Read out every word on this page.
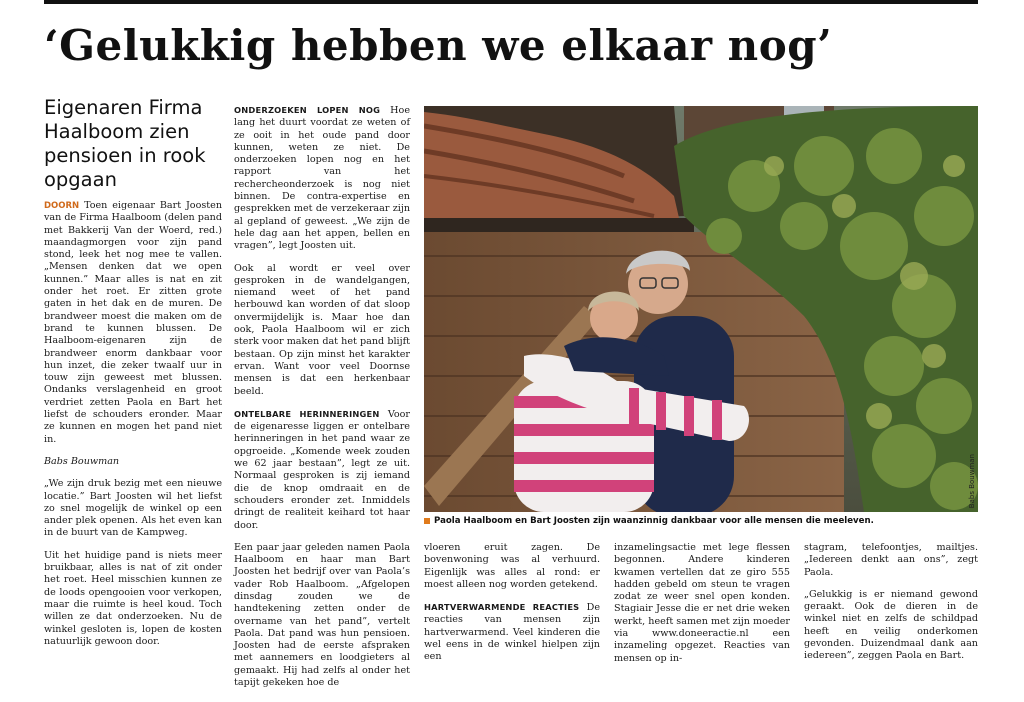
‘Gelukkig hebben we elkaar nog’
Eigenaren Firma Haalboom zien pensioen in rook opgaan

DOORN Toen eigenaar Bart Joosten van de Firma Haalboom (delen pand met Bakkerij Van der Woerd, red.) maandagmorgen voor zijn pand stond, leek het nog mee te vallen. „Mensen denken dat we open kunnen.” Maar alles is nat en zit onder het roet. Er zitten grote gaten in het dak en de muren. De brandweer moest die maken om de brand te kunnen blussen. De Haalboom-eigenaren zijn de brandweer enorm dankbaar voor hun inzet, die zeker twaalf uur in touw zijn geweest met blussen. Ondanks verslagenheid en groot verdriet zetten Paola en Bart het liefst de schouders eronder. Maar ze kunnen en mogen het pand niet in.

Babs Bouwman

„We zijn druk bezig met een nieuwe locatie.” Bart Joosten wil het liefst zo snel mogelijk de winkel op een ander plek openen. Als het even kan in de buurt van de Kampweg.

Uit het huidige pand is niets meer bruikbaar, alles is nat of zit onder het roet. Heel misschien kunnen ze de loods opengooien voor verkopen, maar die ruimte is heel koud. Toch willen ze dat onderzoeken. Nu de winkel gesloten is, lopen de kosten natuurlijk gewoon door.

ONDERZOEKEN LOPEN NOG Hoe lang het duurt voordat ze weten of ze ooit in het oude pand door kunnen, weten ze niet. De onderzoeken lopen nog en het rapport van het rechercheonderzoek is nog niet binnen. De contra-expertise en gesprekken met de verzekeraar zijn al gepland of geweest. „We zijn de hele dag aan het appen, bellen en vragen”, legt Joosten uit.

Ook al wordt er veel over gesproken in de wandelgangen, niemand weet of het pand herbouwd kan worden of dat sloop onvermijdelijk is. Maar hoe dan ook, Paola Haalboom wil er zich sterk voor maken dat het pand blijft bestaan. Op zijn minst het karakter ervan. Want voor veel Doornse mensen is dat een herkenbaar beeld.

ONTELBARE HERINNERINGEN Voor de eigenaresse liggen er ontelbare herinneringen in het pand waar ze opgroeide. „Komende week zouden we 62 jaar bestaan”, legt ze uit. Normaal gesproken is zij iemand die de knop omdraait en de schouders eronder zet. Inmiddels dringt de realiteit keihard tot haar door.

Een paar jaar geleden namen Paola Haalboom en haar man Bart Joosten het bedrijf over van Paola’s vader Rob Haalboom. „Afgelopen dinsdag zouden we de handtekening zetten onder de overname van het pand”, vertelt Paola. Dat pand was hun pensioen. Joosten had de eerste afspraken met aannemers en loodgieters al gemaakt. Hij had zelfs al onder het tapijt gekeken hoe de

Babs Bouwman
Paola Haalboom en Bart Joosten zijn waanzinnig dankbaar voor alle mensen die meeleven.

vloeren eruit zagen. De bovenwoning was al verhuurd. Eigenlijk was alles al rond: er moest alleen nog worden getekend.

HARTVERWARMENDE REACTIES De reacties van mensen zijn hartverwarmend. Veel kinderen die wel eens in de winkel hielpen zijn een

inzamelingsactie met lege flessen begonnen. Andere kinderen kwamen vertellen dat ze giro 555 hadden gebeld om steun te vragen zodat ze weer snel open konden. Stagiair Jesse die er net drie weken werkt, heeft samen met zijn moeder via www.doneeractie.nl een inzameling opgezet. Reacties van mensen op in-

stagram, telefoontjes, mailtjes. „Iedereen denkt aan ons”, zegt Paola.

„Gelukkig is er niemand gewond geraakt. Ook de dieren in de winkel niet en zelfs de schildpad heeft en veilig onderkomen gevonden. Duizendmaal dank aan iedereen”, zeggen Paola en Bart.
